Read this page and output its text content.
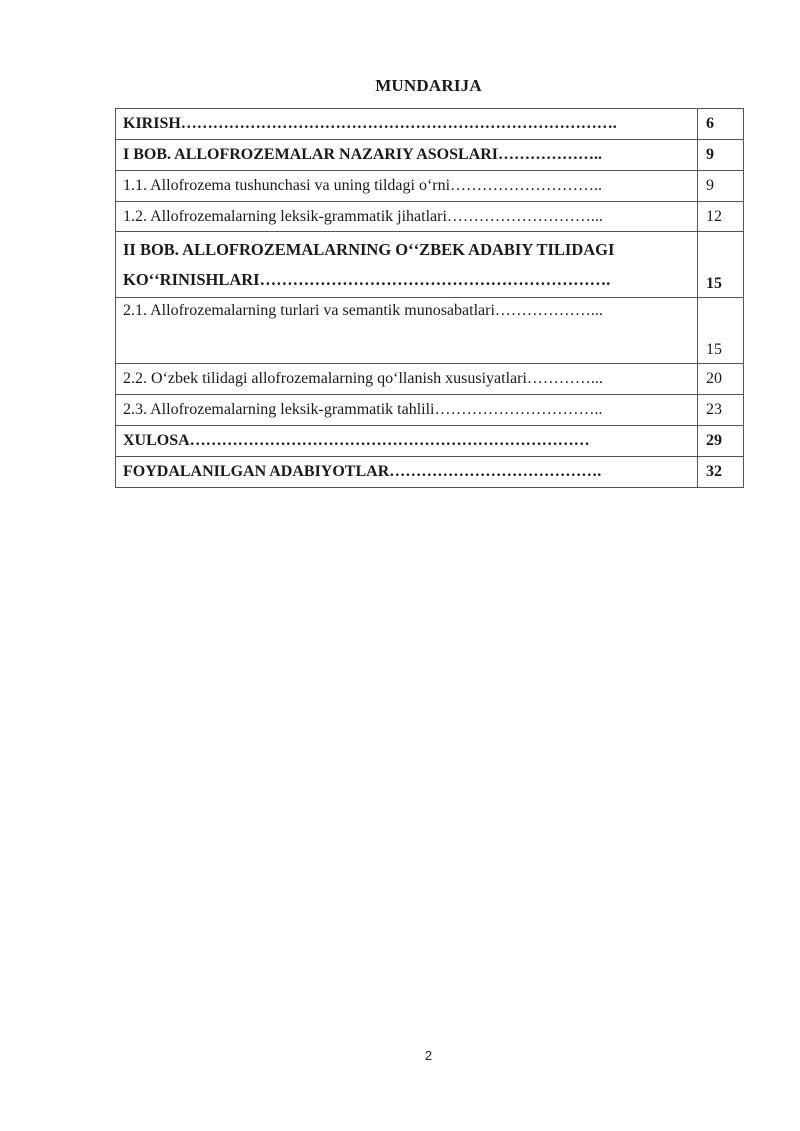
MUNDARIJA
KIRISH……………………………………………………………………….	6
I BOB. ALLOFROZEMALAR NAZARIY ASOSLARI………………..	9
1.1. Allofrozema tushunchasi va uning tildagi oʻrni………………………..	9
1.2. Allofrozemalarning leksik-grammatik jihatlari………………………...	12

II BOB. ALLOFROZEMALARNING Oʻ‘ZBEK ADABIY TILIDAGI
KOʻ‘RINISHLARI……………………………………………………….	15
2.1. Allofrozemalarning turlari va semantik munosabatlari………………...	15
2.2. Oʻzbek tilidagi allofrozemalarning qoʻllanish xususiyatlari…………...	20
2.3. Allofrozemalarning leksik-grammatik tahlili…………………………..	23
XULOSA…………………………………………………………………	29
FOYDALANILGAN ADABIYOTLAR………………………………….	32
2
